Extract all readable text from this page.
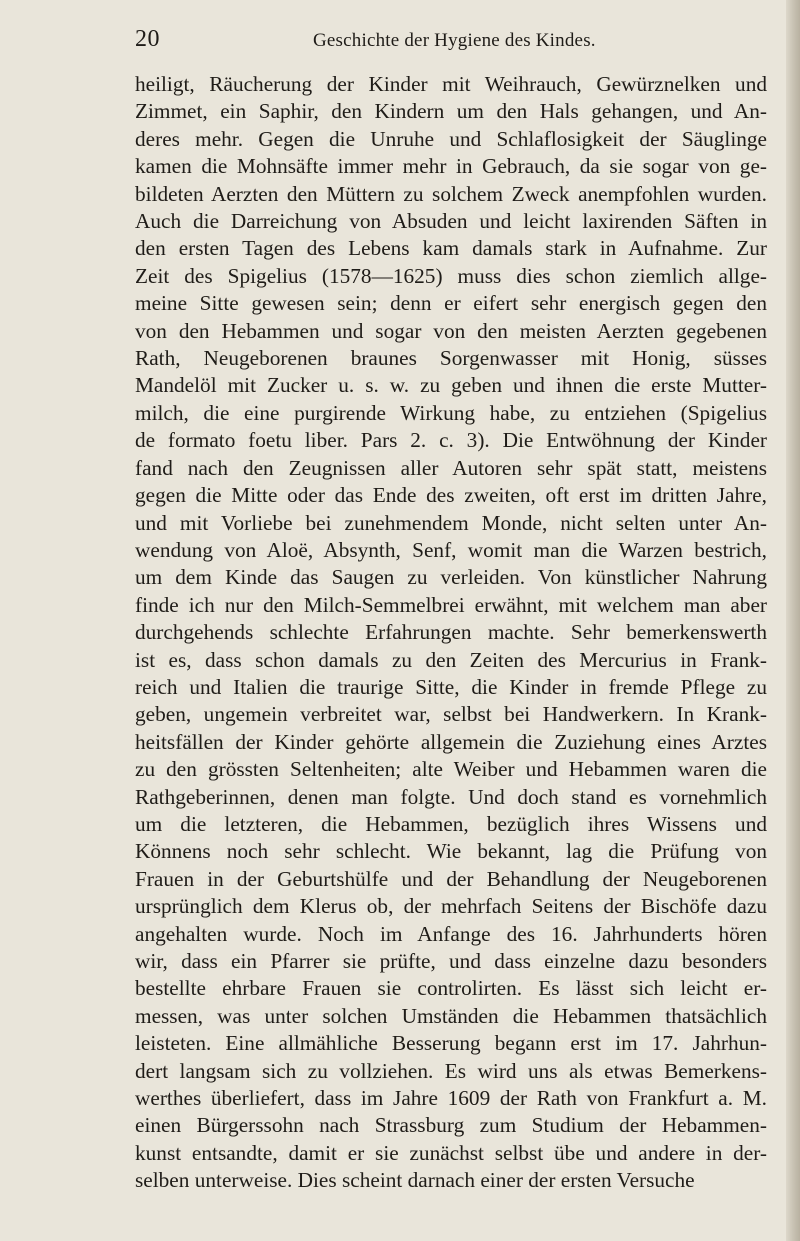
20	Geschichte der Hygiene des Kindes.
heiligt, Räucherung der Kinder mit Weihrauch, Gewürznelken und
Zimmet, ein Saphir, den Kindern um den Hals gehangen, und An-
deres mehr. Gegen die Unruhe und Schlaflosigkeit der Säuglinge
kamen die Mohnsäfte immer mehr in Gebrauch, da sie sogar von ge-
bildeten Aerzten den Müttern zu solchem Zweck anempfohlen wurden.
Auch die Darreichung von Absuden und leicht laxirenden Säften in
den ersten Tagen des Lebens kam damals stark in Aufnahme. Zur
Zeit des Spigelius (1578—1625) muss dies schon ziemlich allge-
meine Sitte gewesen sein; denn er eifert sehr energisch gegen den
von den Hebammen und sogar von den meisten Aerzten gegebenen
Rath, Neugeborenen braunes Sorgenwasser mit Honig, süsses
Mandelöl mit Zucker u. s. w. zu geben und ihnen die erste Mutter-
milch, die eine purgirende Wirkung habe, zu entziehen (Spigelius
de formato foetu liber. Pars 2. c. 3). Die Entwöhnung der Kinder
fand nach den Zeugnissen aller Autoren sehr spät statt, meistens
gegen die Mitte oder das Ende des zweiten, oft erst im dritten Jahre,
und mit Vorliebe bei zunehmendem Monde, nicht selten unter An-
wendung von Aloë, Absynth, Senf, womit man die Warzen bestrich,
um dem Kinde das Saugen zu verleiden. Von künstlicher Nahrung
finde ich nur den Milch-Semmelbrei erwähnt, mit welchem man aber
durchgehends schlechte Erfahrungen machte. Sehr bemerkenswerth
ist es, dass schon damals zu den Zeiten des Mercurius in Frank-
reich und Italien die traurige Sitte, die Kinder in fremde Pflege zu
geben, ungemein verbreitet war, selbst bei Handwerkern. In Krank-
heitsfällen der Kinder gehörte allgemein die Zuziehung eines Arztes
zu den grössten Seltenheiten; alte Weiber und Hebammen waren die
Rathgeberinnen, denen man folgte. Und doch stand es vornehmlich
um die letzteren, die Hebammen, bezüglich ihres Wissens und
Könnens noch sehr schlecht. Wie bekannt, lag die Prüfung von
Frauen in der Geburtshülfe und der Behandlung der Neugeborenen
ursprünglich dem Klerus ob, der mehrfach Seitens der Bischöfe dazu
angehalten wurde. Noch im Anfange des 16. Jahrhunderts hören
wir, dass ein Pfarrer sie prüfte, und dass einzelne dazu besonders
bestellte ehrbare Frauen sie controlirten. Es lässt sich leicht er-
messen, was unter solchen Umständen die Hebammen thatsächlich
leisteten. Eine allmähliche Besserung begann erst im 17. Jahrhun-
dert langsam sich zu vollziehen. Es wird uns als etwas Bemerkens-
werthes überliefert, dass im Jahre 1609 der Rath von Frankfurt a. M.
einen Bürgerssohn nach Strassburg zum Studium der Hebammen-
kunst entsandte, damit er sie zunächst selbst übe und andere in der-
selben unterweise. Dies scheint darnach einer der ersten Versuche
